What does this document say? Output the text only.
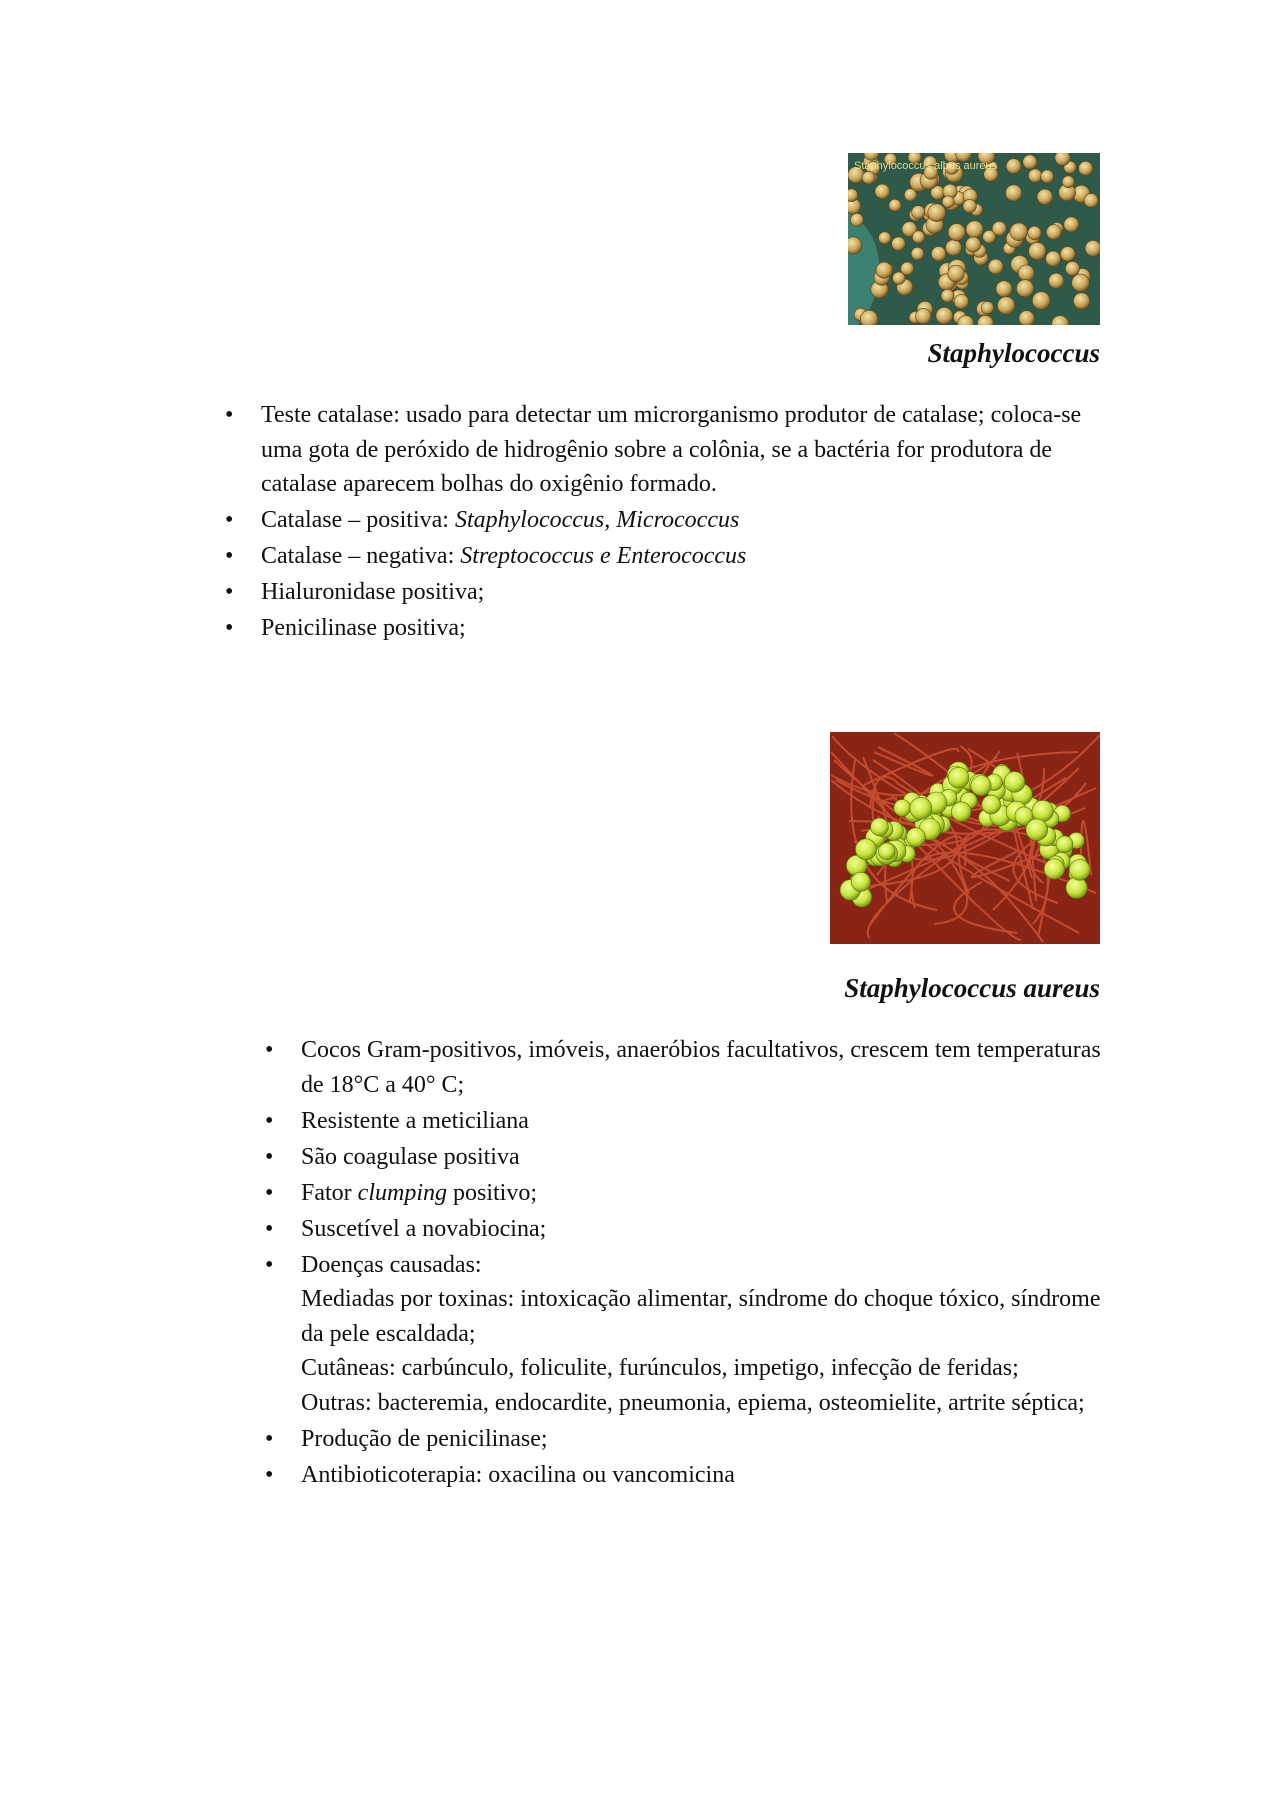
Staphylococcus albus aureus
Staphylococcus
• Teste catalase: usado para detectar um microrganismo produtor de catalase; coloca-se uma gota de peróxido de hidrogênio sobre a colônia, se a bactéria for produtora de catalase aparecem bolhas do oxigênio formado.
• Catalase – positiva: Staphylococcus, Micrococcus
• Catalase – negativa: Streptococcus e Enterococcus
• Hialuronidase positiva;
• Penicilinase positiva;
Staphylococcus aureus
• Cocos Gram-positivos, imóveis, anaeróbios facultativos, crescem tem temperaturas de 18°C a 40° C;
• Resistente a meticiliana
• São coagulase positiva
• Fator clumping positivo;
• Suscetível a novabiocina;
• Doenças causadas:
Mediadas por toxinas: intoxicação alimentar, síndrome do choque tóxico, síndrome da pele escaldada;
Cutâneas: carbúnculo, foliculite, furúnculos, impetigo, infecção de feridas;
Outras: bacteremia, endocardite, pneumonia, epiema, osteomielite, artrite séptica;
• Produção de penicilinase;
• Antibioticoterapia: oxacilina ou vancomicina
